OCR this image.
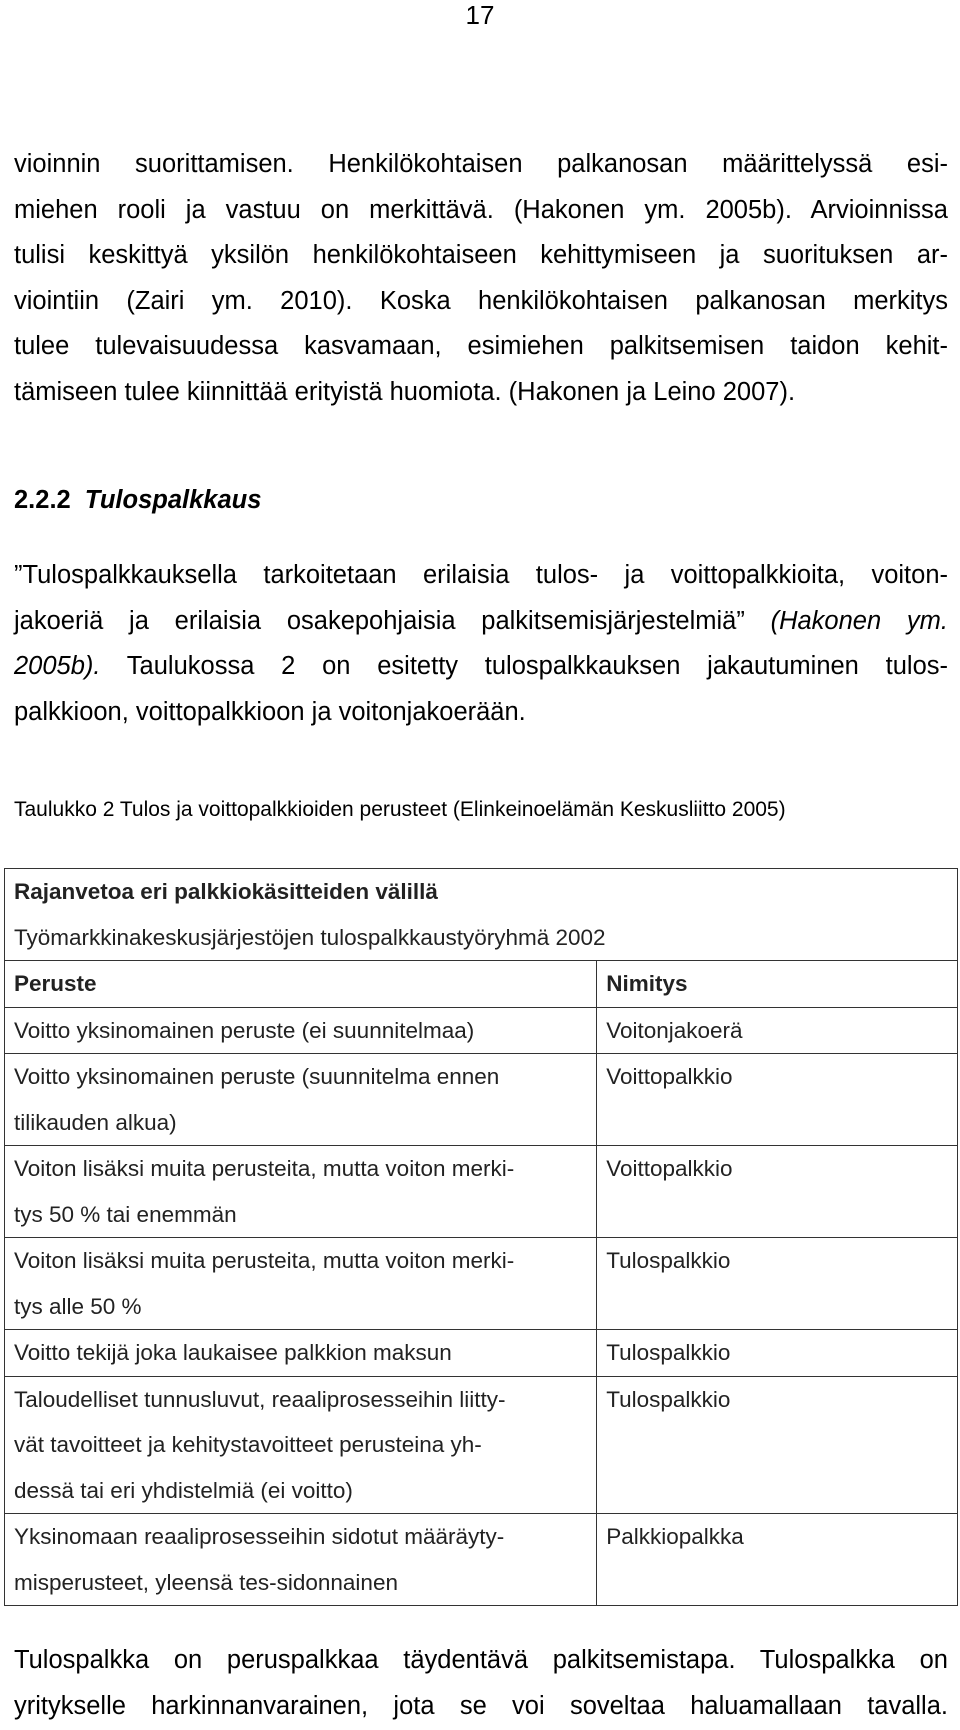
17
vioinnin suorittamisen. Henkilökohtaisen palkanosan määrittelyssä esi-
miehen rooli ja vastuu on merkittävä. (Hakonen ym. 2005b). Arvioinnissa
tulisi keskittyä yksilön henkilökohtaiseen kehittymiseen ja suorituksen ar-
viointiin (Zairi ym. 2010). Koska henkilökohtaisen palkanosan merkitys
tulee tulevaisuudessa kasvamaan, esimiehen palkitsemisen taidon kehit-
tämiseen tulee kiinnittää erityistä huomiota. (Hakonen ja Leino 2007).
2.2.2 Tulospalkkaus
”Tulospalkkauksella tarkoitetaan erilaisia tulos- ja voittopalkkioita, voiton-
jakoeriä ja erilaisia osakepohjaisia palkitsemisjärjestelmiä” (Hakonen ym.
2005b). Taulukossa 2 on esitetty tulospalkkauksen jakautuminen tulos-
palkkioon, voittopalkkioon ja voitonjakoerään.

Taulukko 2 Tulos ja voittopalkkioiden perusteet (Elinkeinoelämän Keskusliitto 2005)

Rajanvetoa eri palkkiokäsitteiden välillä
Työmarkkinakeskusjärjestöjen tulospalkkaustyöryhmä 2002	

Peruste	Nimitys

Voitto yksinomainen peruste (ei suunnitelmaa)	Voitonjakoerä

Voitto yksinomainen peruste (suunnitelma ennen
tilikauden alkua)	Voittopalkkio

Voiton lisäksi muita perusteita, mutta voiton merki-
tys 50 % tai enemmän	Voittopalkkio

Voiton lisäksi muita perusteita, mutta voiton merki-
tys alle 50 %	Tulospalkkio

Voitto tekijä joka laukaisee palkkion maksun	Tulospalkkio

Taloudelliset tunnusluvut, reaaliprosesseihin liitty-
vät tavoitteet ja kehitystavoitteet perusteina yh-
dessä tai eri yhdistelmiä (ei voitto)	Tulospalkkio

Yksinomaan reaaliprosesseihin sidotut määräyty-
misperusteet, yleensä tes-sidonnainen	Palkkiopalkka
Tulospalkka on peruspalkkaa täydentävä palkitsemistapa. Tulospalkka on
yritykselle harkinnanvarainen, jota se voi soveltaa haluamallaan tavalla.
